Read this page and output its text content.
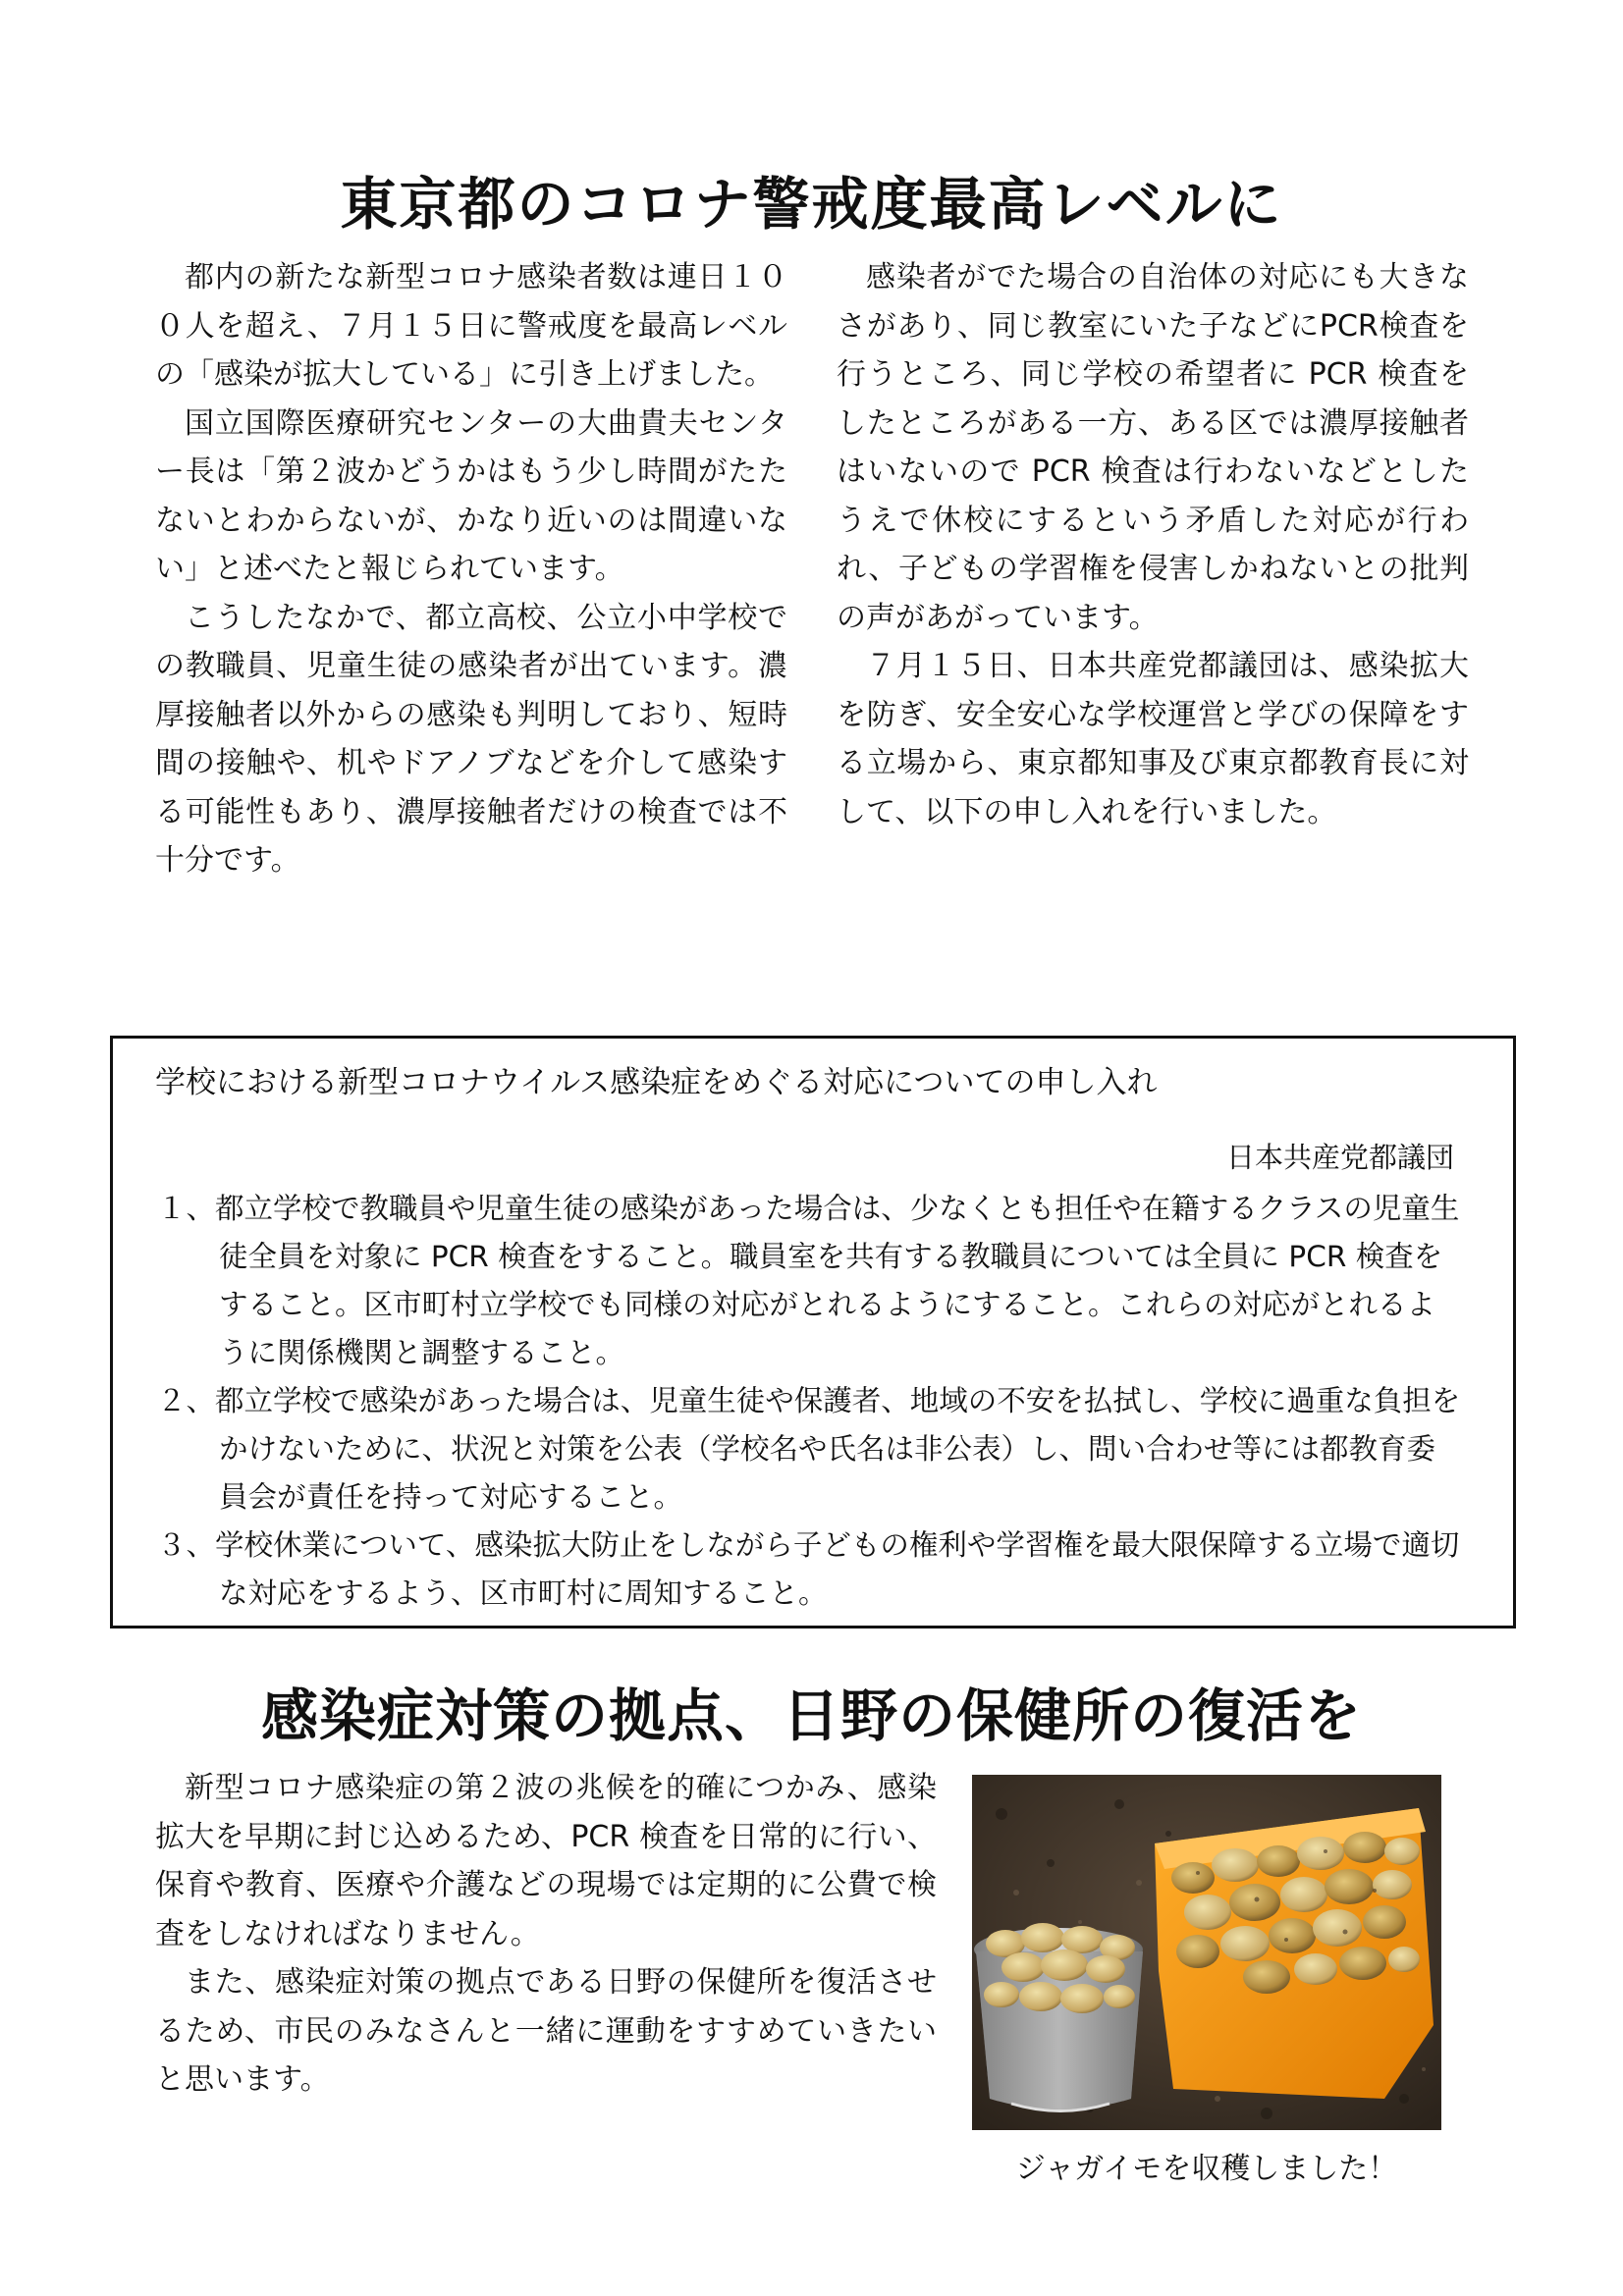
東京都のコロナ警戒度最高レベルに

都内の新たな新型コロナ感染者数は連日１００人を超え、７月１５日に警戒度を最高レベルの「感染が拡大している」に引き上げました。

国立国際医療研究センターの大曲貴夫センター長は「第２波かどうかはもう少し時間がたたないとわからないが、かなり近いのは間違いない」と述べたと報じられています。

こうしたなかで、都立高校、公立小中学校での教職員、児童生徒の感染者が出ています。濃厚接触者以外からの感染も判明しており、短時間の接触や、机やドアノブなどを介して感染する可能性もあり、濃厚接触者だけの検査では不十分です。

感染者がでた場合の自治体の対応にも大きなさがあり、同じ教室にいた子などにPCR検査を行うところ、同じ学校の希望者に PCR 検査をしたところがある一方、ある区では濃厚接触者はいないので PCR 検査は行わないなどとしたうえで休校にするという矛盾した対応が行われ、子どもの学習権を侵害しかねないとの批判の声があがっています。

７月１５日、日本共産党都議団は、感染拡大を防ぎ、安全安心な学校運営と学びの保障をする立場から、東京都知事及び東京都教育長に対して、以下の申し入れを行いました。

学校における新型コロナウイルス感染症をめぐる対応についての申し入れ
日本共産党都議団
１、都立学校で教職員や児童生徒の感染があった場合は、少なくとも担任や在籍するクラスの児童生徒全員を対象に PCR 検査をすること。職員室を共有する教職員については全員に PCR 検査をすること。区市町村立学校でも同様の対応がとれるようにすること。これらの対応がとれるように関係機関と調整すること。
２、都立学校で感染があった場合は、児童生徒や保護者、地域の不安を払拭し、学校に過重な負担をかけないために、状況と対策を公表（学校名や氏名は非公表）し、問い合わせ等には都教育委員会が責任を持って対応すること。
３、学校休業について、感染拡大防止をしながら子どもの権利や学習権を最大限保障する立場で適切な対応をするよう、区市町村に周知すること。
感染症対策の拠点、日野の保健所の復活を

新型コロナ感染症の第２波の兆候を的確につかみ、感染拡大を早期に封じ込めるため、PCR 検査を日常的に行い、保育や教育、医療や介護などの現場では定期的に公費で検査をしなければなりません。

また、感染症対策の拠点である日野の保健所を復活させるため、市民のみなさんと一緒に運動をすすめていきたいと思います。

ジャガイモを収穫しました！
